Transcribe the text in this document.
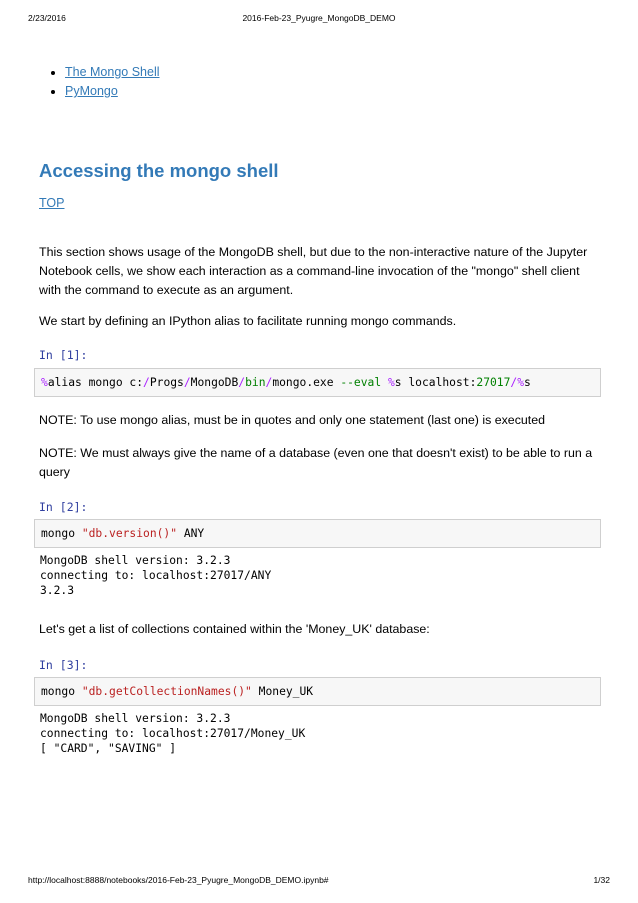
2/23/2016	2016-Feb-23_Pyugre_MongoDB_DEMO
• The Mongo Shell
• PyMongo
Accessing the mongo shell
TOP
This section shows usage of the MongoDB shell, but due to the non-interactive nature of the Jupyter Notebook cells, we show each interaction as a command-line invocation of the "mongo" shell client with the command to execute as an argument.
We start by defining an IPython alias to facilitate running mongo commands.
In [1]:
%alias mongo c:/Progs/MongoDB/bin/mongo.exe --eval %s localhost:27017/%s
NOTE: To use mongo alias, must be in quotes and only one statement (last one) is executed
NOTE: We must always give the name of a database (even one that doesn't exist) to be able to run a query
In [2]:
mongo "db.version()" ANY
MongoDB shell version: 3.2.3
connecting to: localhost:27017/ANY
3.2.3
Let's get a list of collections contained within the 'Money_UK' database:
In [3]:
mongo "db.getCollectionNames()" Money_UK
MongoDB shell version: 3.2.3
connecting to: localhost:27017/Money_UK
[ "CARD", "SAVING" ]
http://localhost:8888/notebooks/2016-Feb-23_Pyugre_MongoDB_DEMO.ipynb#	1/32
